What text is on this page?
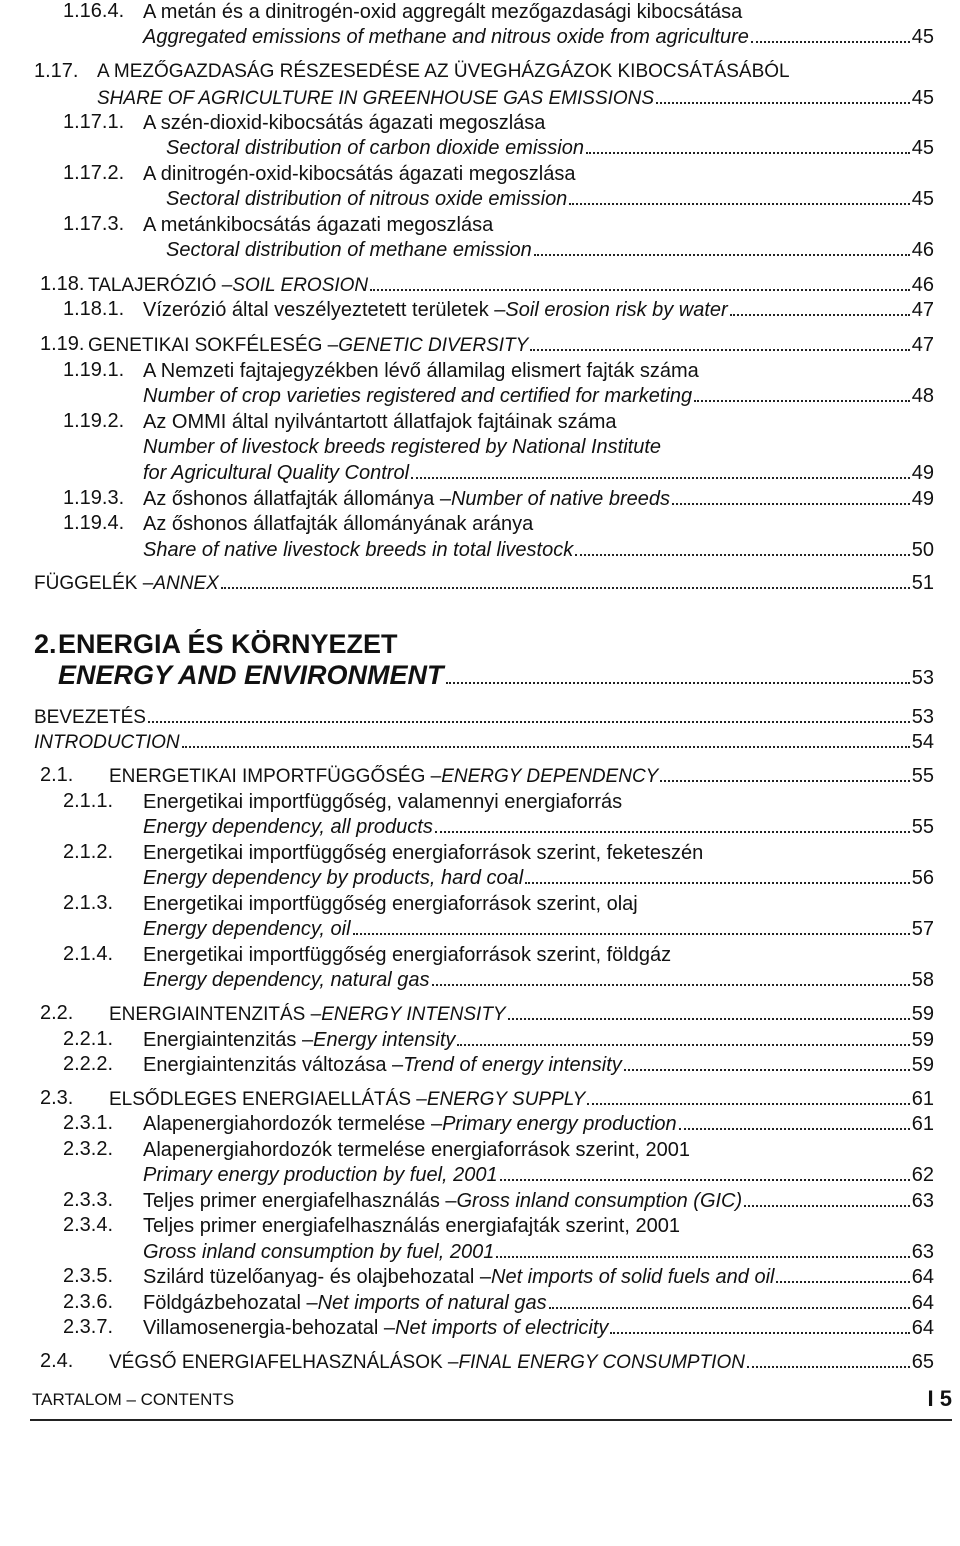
1.16.4. A metán és a dinitrogén-oxid aggregált mezőgazdasági kibocsátása
Aggregated emissions of methane and nitrous oxide from agriculture	45
1.17. A MEZŐGAZDASÁG RÉSZESEDÉSE AZ ÜVEGHÁZGÁZOK KIBOCSÁTÁSÁBÓL
SHARE OF AGRICULTURE IN GREENHOUSE GAS EMISSIONS	45
1.17.1. A szén-dioxid-kibocsátás ágazati megoszlása
Sectoral distribution of carbon dioxide emission	45
1.17.2. A dinitrogén-oxid-kibocsátás ágazati megoszlása
Sectoral distribution of nitrous oxide emission	45
1.17.3. A metánkibocsátás ágazati megoszlása
Sectoral distribution of methane emission	46
1.18. TALAJERÓZIÓ – SOIL EROSION	46
1.18.1. Vízerózió által veszélyeztetett területek – Soil erosion risk by water	47
1.19. GENETIKAI SOKFÉLESÉG – GENETIC DIVERSITY	47
1.19.1. A Nemzeti fajtajegyzékben lévő államilag elismert fajták száma
Number of crop varieties registered and certified for marketing	48
1.19.2. Az OMMI által nyilvántartott állatfajok fajtáinak száma
Number of livestock breeds registered by National Institute
for Agricultural Quality Control	49
1.19.3. Az őshonos állatfajták állománya – Number of native breeds	49
1.19.4. Az őshonos állatfajták állományának aránya
Share of native livestock breeds in total livestock	50
FÜGGELÉK – ANNEX	51
2. ENERGIA ÉS KÖRNYEZET
ENERGY AND ENVIRONMENT	53
BEVEZETÉS	53
INTRODUCTION	54
2.1. ENERGETIKAI IMPORTFÜGGŐSÉG – ENERGY DEPENDENCY	55
2.1.1. Energetikai importfüggőség, valamennyi energiaforrás
Energy dependency, all products	55
2.1.2. Energetikai importfüggőség energiaforrások szerint, feketeszén
Energy dependency by products, hard coal	56
2.1.3. Energetikai importfüggőség energiaforrások szerint, olaj
Energy dependency, oil	57
2.1.4. Energetikai importfüggőség energiaforrások szerint, földgáz
Energy dependency, natural gas	58
2.2. ENERGIAINTENZITÁS – ENERGY INTENSITY	59
2.2.1. Energiaintenzitás – Energy intensity	59
2.2.2. Energiaintenzitás változása – Trend of energy intensity	59
2.3. ELSŐDLEGES ENERGIAELLÁTÁS – ENERGY SUPPLY	61
2.3.1. Alapenergiahordozók termelése – Primary energy production	61
2.3.2. Alapenergiahordozók termelése energiaforrások szerint, 2001
Primary energy production by fuel, 2001	62
2.3.3. Teljes primer energiafelhasználás – Gross inland consumption (GIC)	63
2.3.4. Teljes primer energiafelhasználás energiafajták szerint, 2001
Gross inland consumption by fuel, 2001	63
2.3.5. Szilárd tüzelőanyag- és olajbehozatal – Net imports of solid fuels and oil	64
2.3.6. Földgázbehozatal – Net imports of natural gas	64
2.3.7. Villamosenergia-behozatal – Net imports of electricity	64
2.4. VÉGSŐ ENERGIAFELHASZNÁLÁSOK – FINAL ENERGY CONSUMPTION	65
TARTALOM – CONTENTS	I 5
